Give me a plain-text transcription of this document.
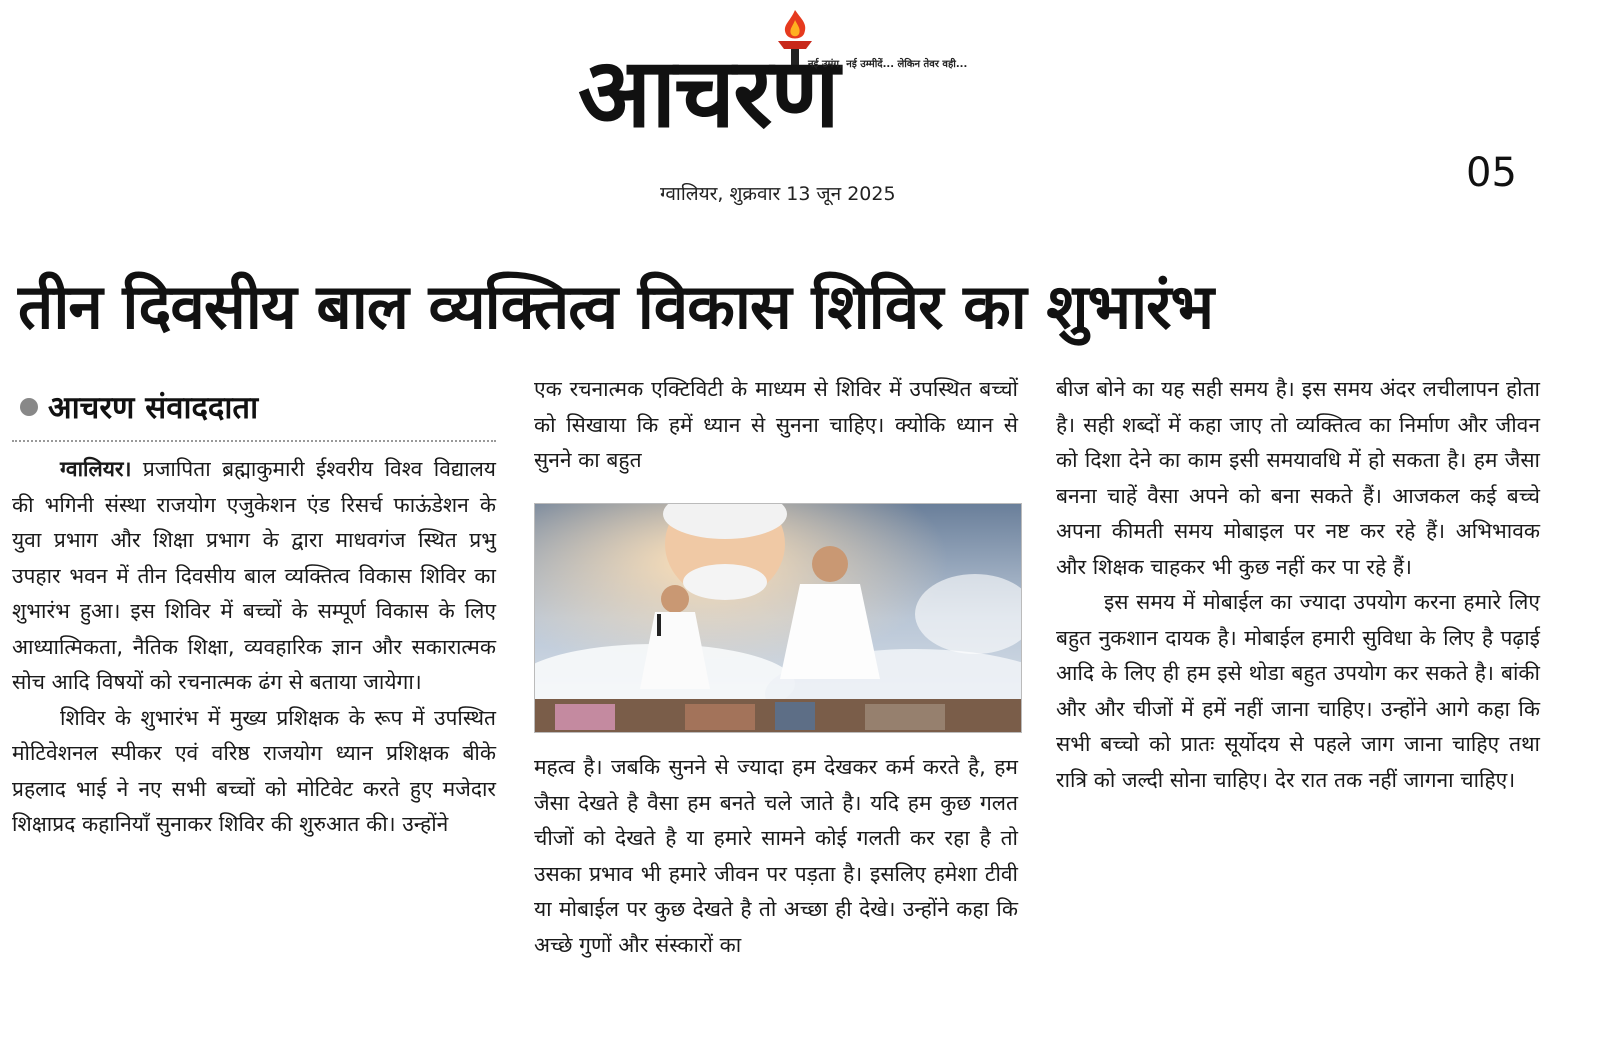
आचरण
नई उमंग, नई उम्मीदें... लेकिन तेवर वही...
ग्वालियर, शुक्रवार 13 जून 2025	05
तीन दिवसीय बाल व्यक्तित्व विकास शिविर का शुभारंभ
आचरण संवाददाता

ग्वालियर। प्रजापिता ब्रह्माकुमारी ईश्वरीय विश्व विद्यालय की भगिनी संस्था राजयोग एजुकेशन एंड रिसर्च फाऊंडेशन के युवा प्रभाग और शिक्षा प्रभाग के द्वारा माधवगंज स्थित प्रभु उपहार भवन में तीन दिवसीय बाल व्यक्तित्व विकास शिविर का शुभारंभ हुआ। इस शिविर में बच्चों के सम्पूर्ण विकास के लिए आध्यात्मिकता, नैतिक शिक्षा, व्यवहारिक ज्ञान और सकारात्मक सोच आदि विषयों को रचनात्मक ढंग से बताया जायेगा।

शिविर के शुभारंभ में मुख्य प्रशिक्षक के रूप में उपस्थित मोटिवेशनल स्पीकर एवं वरिष्ठ राजयोग ध्यान प्रशिक्षक बीके प्रहलाद भाई ने नए सभी बच्चों को मोटिवेट करते हुए मजेदार शिक्षाप्रद कहानियाँ सुनाकर शिविर की शुरुआत की। उन्होंने

एक रचनात्मक एक्टिविटी के माध्यम से शिविर में उपस्थित बच्चों को सिखाया कि हमें ध्यान से सुनना चाहिए। क्योकि ध्यान से सुनने का बहुत

महत्व है। जबकि सुनने से ज्यादा हम देखकर कर्म करते है, हम जैसा देखते है वैसा हम बनते चले जाते है। यदि हम कुछ गलत चीजों को देखते है या हमारे सामने कोई गलती कर रहा है तो उसका प्रभाव भी हमारे जीवन पर पड़ता है। इसलिए हमेशा टीवी या मोबाईल पर कुछ देखते है तो अच्छा ही देखे। उन्होंने कहा कि अच्छे गुणों और संस्कारों का

बीज बोने का यह सही समय है। इस समय अंदर लचीलापन होता है। सही शब्दों में कहा जाए तो व्यक्तित्व का निर्माण और जीवन को दिशा देने का काम इसी समयावधि में हो सकता है। हम जैसा बनना चाहें वैसा अपने को बना सकते हैं। आजकल कई बच्चे अपना कीमती समय मोबाइल पर नष्ट कर रहे हैं। अभिभावक और शिक्षक चाहकर भी कुछ नहीं कर पा रहे हैं।

इस समय में मोबाईल का ज्यादा उपयोग करना हमारे लिए बहुत नुकशान दायक है। मोबाईल हमारी सुविधा के लिए है पढ़ाई आदि के लिए ही हम इसे थोडा बहुत उपयोग कर सकते है। बांकी और और चीजों में हमें नहीं जाना चाहिए। उन्होंने आगे कहा कि सभी बच्चो को प्रातः सूर्योदय से पहले जाग जाना चाहिए तथा रात्रि को जल्दी सोना चाहिए। देर रात तक नहीं जागना चाहिए।
